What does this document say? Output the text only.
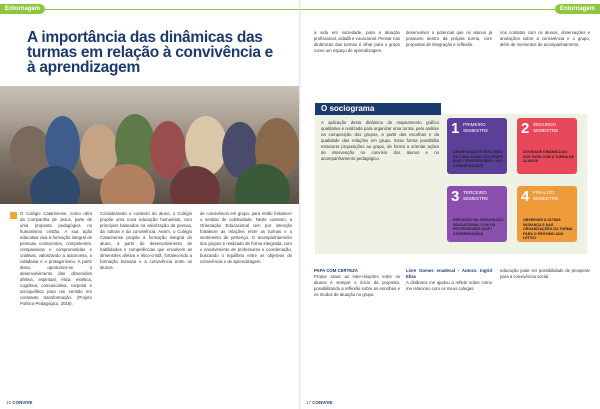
Entornagem
A importância das dinâmicas das turmas em relação à convivência e à aprendizagem
O Colégio Catarinense, como obra da Companhia de Jesus, parte de uma proposta pedagógica no humanismo cristão. A sua ação educativa visa à formação integral de pessoas conscientes, competentes, compassivas e comprometidas e criativas, valorizando a autonomia, a cidadania e o protagonismo. A partir disso, oportuniza-se o desenvolvimento das dimensões afetiva, espiritual, ética, estética, cognitiva, comunicativa, corporal e sociopolítica para um sentido em constante transformação. (Projeto Político-Pedagógico, 2018).
Considerando o contexto do aluno, o Colégio propõe uma nova educação humanista, com princípios baseados na valorização da pessoa, da cultura e da convivência. Assim, o Colégio Catarinense propõe a formação integral do aluno, a partir do desenvolvimento de habilidades e competências que envolvem as dimensões afetiva e ético-cristã, fortalecendo a formação humana e a convivência entre os alunos.
de convivência em grupo, para então fortalecer o sentido de coletividade. Neste contexto, a Orientação Educacional tem por intenção fortalecer as relações entre as turmas e o sentimento de pertença. O acompanhamento dos grupos é realizado de forma integrada, com o envolvimento de professores e coordenação, buscando o equilíbrio entre os objetivos de convivência e de aprendizagem.
16 CONVIVE
Entornagem
a vida em sociedade, para a atuação profissional, cidadã e vocacional. Pensar nas dinâmicas das turmas é olhar para o grupo como um espaço de aprendizagem.
desenvolver o potencial que os alunos já possuem dentro da própria turma, com propostas de integração e reflexão.
nos contatos com os alunos, observações e anotações sobre a convivência e o grupo, além de momentos de acompanhamento.
O sociograma
A aplicação desta dinâmica de mapeamento gráfico qualitativo é realizada para organizar uma turma, pelo análise na composição dos grupos, a partir das escolhas e da qualidade das relações em grupo. Essa forma possibilita estruturar proposições ao grupo, de forma a orientar ações de intervenção no convívio dos alunos e no acompanhamento pedagógico.
1 PRIMEIRO SEMESTRE
OBSERVAÇÃO E REFLEXÃO DE CADA ALUNO DO GRUPO (SOE / PROFESSORES / SOP / COORDENAÇÃO)
2 SEGUNDO SEMESTRE
ATIVIDADE DINÂMICA DO SOE PARA COM A TURMA DE ALUNOS
3 TERCEIRO SEMESTRE
REFLEXÃO DA ORIENTAÇÃO EDUCACIONAL COM OS PROFESSORES (SOP / COORDENAÇÃO)
4 FINAL DO SEMESTRE
OBSERVAR A ÚLTIMA MUDANÇA E NAS ORGANIZAÇÕES DA TURMA PARA O PRÓXIMO ANO LETIVO
PAPA COM CERTEZA
Propor situar as inter-relações entre os alunos é sempre o início da proposta, possibilitando a reflexão sobre as escolhas e os modos de atuação no grupo.
Livre Gomes enadecal - Autora: Ingrid Elias
A dinâmica me ajudou a refletir sobre como me relaciono com os meus colegas.
educação pode ser possibilidade de prosperar para a convivência social.
17 CONVIVE
